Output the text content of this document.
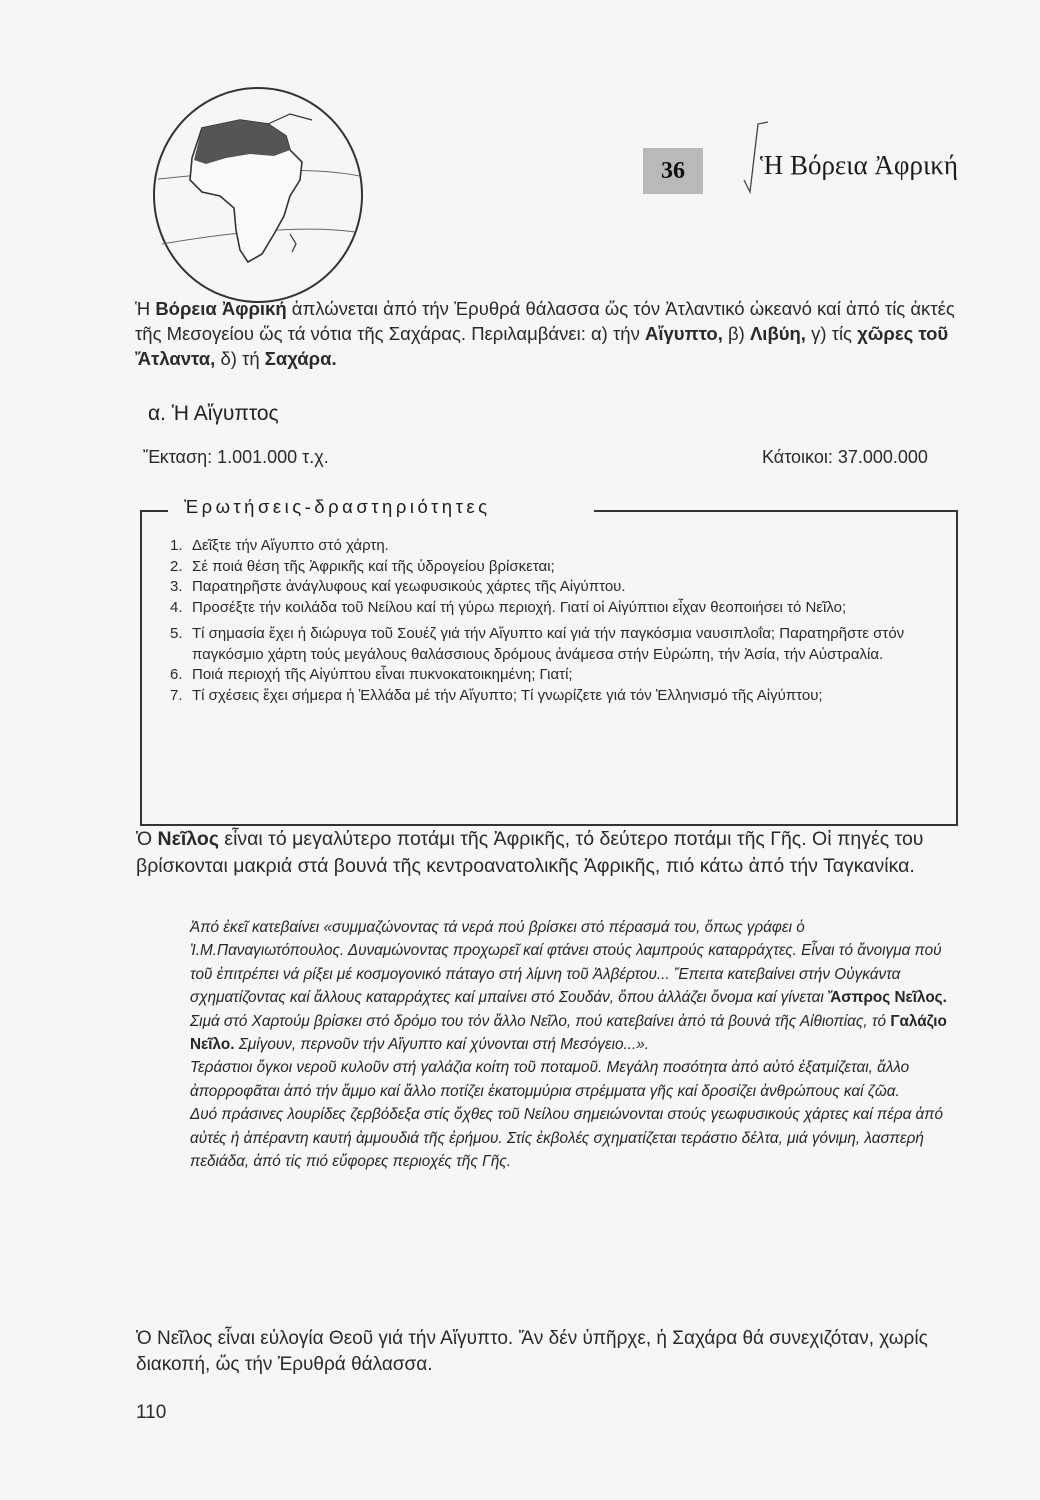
36	Ἡ Βόρεια Ἀφρική
Ἡ Βόρεια Ἀφρική ἁπλώνεται ἀπό τήν Ἐρυθρά θάλασσα ὥς τόν Ἀτλαντικό ὠκεανό καί ἀπό τίς ἀκτές τῆς Μεσογείου ὥς τά νότια τῆς Σαχάρας. Περιλαμβάνει: α) τήν Αἴγυπτο, β) Λιβύη, γ) τίς χῶρες τοῦ Ἄτλαντα, δ) τή Σαχάρα.
α. Ἡ Αἴγυπτος
Ἔκταση: 1.001.000 τ.χ.	Κάτοικοι: 37.000.000
Ἐρωτήσεις-δραστηριότητες
1. Δεῖξτε τήν Αἴγυπτο στό χάρτη.
2. Σέ ποιά θέση τῆς Ἀφρικῆς καί τῆς ὑδρογείου βρίσκεται;
3. Παρατηρῆστε ἀνάγλυφους καί γεωφυσικούς χάρτες τῆς Αἰγύπτου.
4. Προσέξτε τήν κοιλάδα τοῦ Νείλου καί τή γύρω περιοχή. Γιατί οἱ Αἰγύπτιοι εἶχαν θεοποιήσει τό Νεῖλο;
5. Τί σημασία ἔχει ἡ διώρυγα τοῦ Σουέζ γιά τήν Αἴγυπτο καί γιά τήν παγκόσμια ναυσιπλοΐα; Παρατηρῆστε στόν παγκόσμιο χάρτη τούς μεγάλους θαλάσσιους δρόμους ἀνάμεσα στήν Εὐρώπη, τήν Ἀσία, τήν Αὐστραλία.
6. Ποιά περιοχή τῆς Αἰγύπτου εἶναι πυκνοκατοικημένη; Γιατί;
7. Τί σχέσεις ἔχει σήμερα ἡ Ἑλλάδα μέ τήν Αἴγυπτο; Τί γνωρίζετε γιά τόν Ἑλληνισμό τῆς Αἰγύπτου;
Ὁ Νεῖλος εἶναι τό μεγαλύτερο ποτάμι τῆς Ἀφρικῆς, τό δεύτερο ποτάμι τῆς Γῆς. Οἱ πηγές του βρίσκονται μακριά στά βουνά τῆς κεντροανατολικῆς Ἀφρικῆς, πιό κάτω ἀπό τήν Ταγκανίκα.

Ἀπό ἐκεῖ κατεβαίνει «συμμαζώνοντας τά νερά πού βρίσκει στό πέρασμά του, ὅπως γράφει ὁ Ἰ.Μ.Παναγιωτόπουλος. Δυναμώνοντας προχωρεῖ καί φτάνει στούς λαμπρούς καταρράχτες. Εἶναι τό ἄνοιγμα πού τοῦ ἐπιτρέπει νά ρίξει μέ κοσμογονικό πάταγο στή λίμνη τοῦ Ἀλβέρτου... Ἔπειτα κατεβαίνει στήν Οὐγκάντα σχηματίζοντας καί ἄλλους καταρράχτες καί μπαίνει στό Σουδάν, ὅπου ἀλλάζει ὄνομα καί γίνεται Ἄσπρος Νεῖλος.

Σιμά στό Χαρτούμ βρίσκει στό δρόμο του τόν ἄλλο Νεῖλο, πού κατεβαίνει ἀπό τά βουνά τῆς Αἰθιοπίας, τό Γαλάζιο Νεῖλο. Σμίγουν, περνοῦν τήν Αἴγυπτο καί χύνονται στή Μεσόγειο...».

Τεράστιοι ὄγκοι νεροῦ κυλοῦν στή γαλάζια κοίτη τοῦ ποταμοῦ. Μεγάλη ποσότητα ἀπό αὐτό ἐξατμίζεται, ἄλλο ἀπορροφᾶται ἀπό τήν ἄμμο καί ἄλλο ποτίζει ἑκατομμύρια στρέμματα γῆς καί δροσίζει ἀνθρώπους καί ζῶα.

Δυό πράσινες λουρίδες ζερβόδεξα στίς ὄχθες τοῦ Νείλου σημειώνονται στούς γεωφυσικούς χάρτες καί πέρα ἀπό αὐτές ἡ ἀπέραντη καυτή ἀμμουδιά τῆς ἐρήμου. Στίς ἐκβολές σχηματίζεται τεράστιο δέλτα, μιά γόνιμη, λασπερή πεδιάδα, ἀπό τίς πιό εὔφορες περιοχές τῆς Γῆς.

Ὁ Νεῖλος εἶναι εὐλογία Θεοῦ γιά τήν Αἴγυπτο. Ἄν δέν ὑπῆρχε, ἡ Σαχάρα θά συνεχιζόταν, χωρίς διακοπή, ὥς τήν Ἐρυθρά θάλασσα.
110
